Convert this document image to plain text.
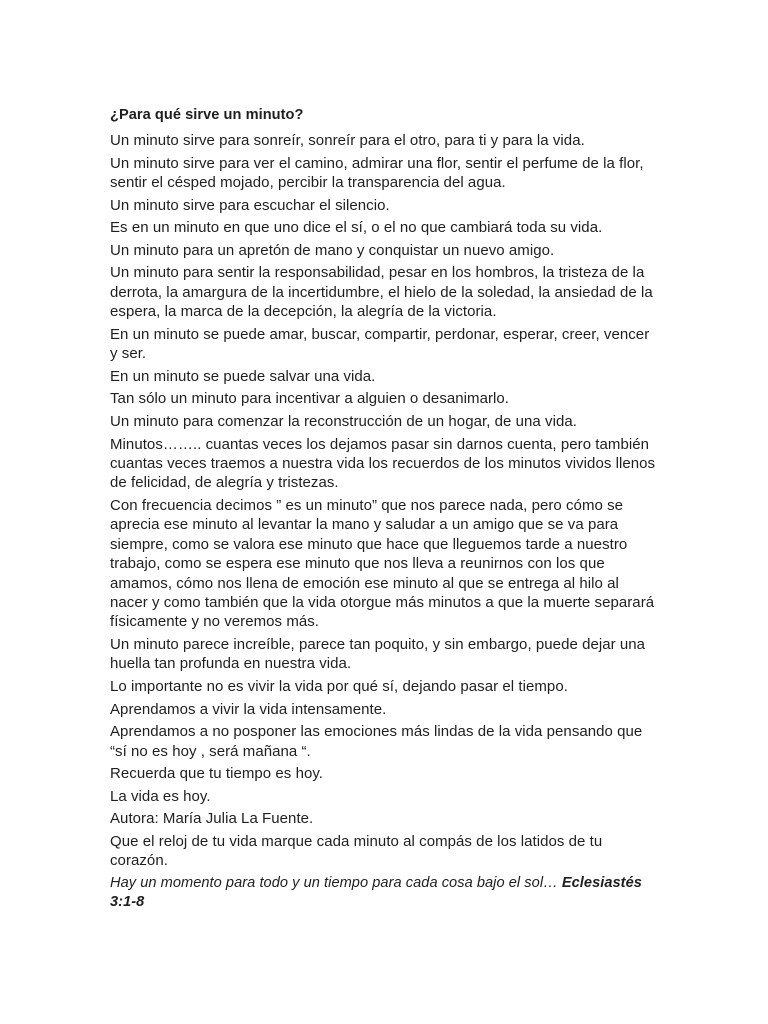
¿Para qué sirve un minuto?

Un minuto sirve para sonreír, sonreír para el otro, para ti y para la vida.

Un minuto sirve para ver el camino, admirar una flor, sentir el perfume de la flor, sentir el césped mojado, percibir la transparencia del agua.

Un minuto sirve para escuchar el silencio.

Es en un minuto en que uno dice el sí, o el no que cambiará toda su vida.

Un minuto para un apretón de mano y conquistar un nuevo amigo.

Un minuto para sentir la responsabilidad, pesar en los hombros, la tristeza de la derrota, la amargura de la incertidumbre, el hielo de la soledad, la ansiedad de la espera, la marca de la decepción, la alegría de la victoria.

En un minuto se puede amar, buscar, compartir, perdonar, esperar, creer, vencer y ser.

En un minuto se puede salvar una vida.

Tan sólo un minuto para incentivar a alguien o desanimarlo.

Un minuto para comenzar la reconstrucción de un hogar, de una vida.

Minutos…….. cuantas veces los dejamos pasar sin darnos cuenta, pero también cuantas veces traemos a nuestra vida los recuerdos de los minutos vividos llenos de felicidad, de alegría y tristezas.

Con frecuencia decimos ” es un minuto” que nos parece nada, pero cómo se aprecia ese minuto al levantar la mano y saludar a un amigo que se va para siempre, como se valora ese minuto que hace que lleguemos tarde a nuestro trabajo, como se espera ese minuto que nos lleva a reunirnos con los que amamos, cómo nos llena de emoción ese minuto al que se entrega al hilo al nacer y como también que la vida otorgue más minutos a que la muerte separará físicamente y no veremos más.

Un minuto parece increíble, parece tan poquito, y sin embargo, puede dejar una huella tan profunda en nuestra vida.

Lo importante no es vivir la vida por qué sí, dejando pasar el tiempo.

Aprendamos a vivir la vida intensamente.

Aprendamos a no posponer las emociones más lindas de la vida pensando que “sí no es hoy , será mañana “.

Recuerda que tu tiempo es hoy.

La vida es hoy.

Autora: María Julia La Fuente.

Que el reloj de tu vida marque cada minuto al compás de los latidos de tu corazón.

Hay un momento para todo y un tiempo para cada cosa bajo el sol… Eclesiastés 3:1-8
